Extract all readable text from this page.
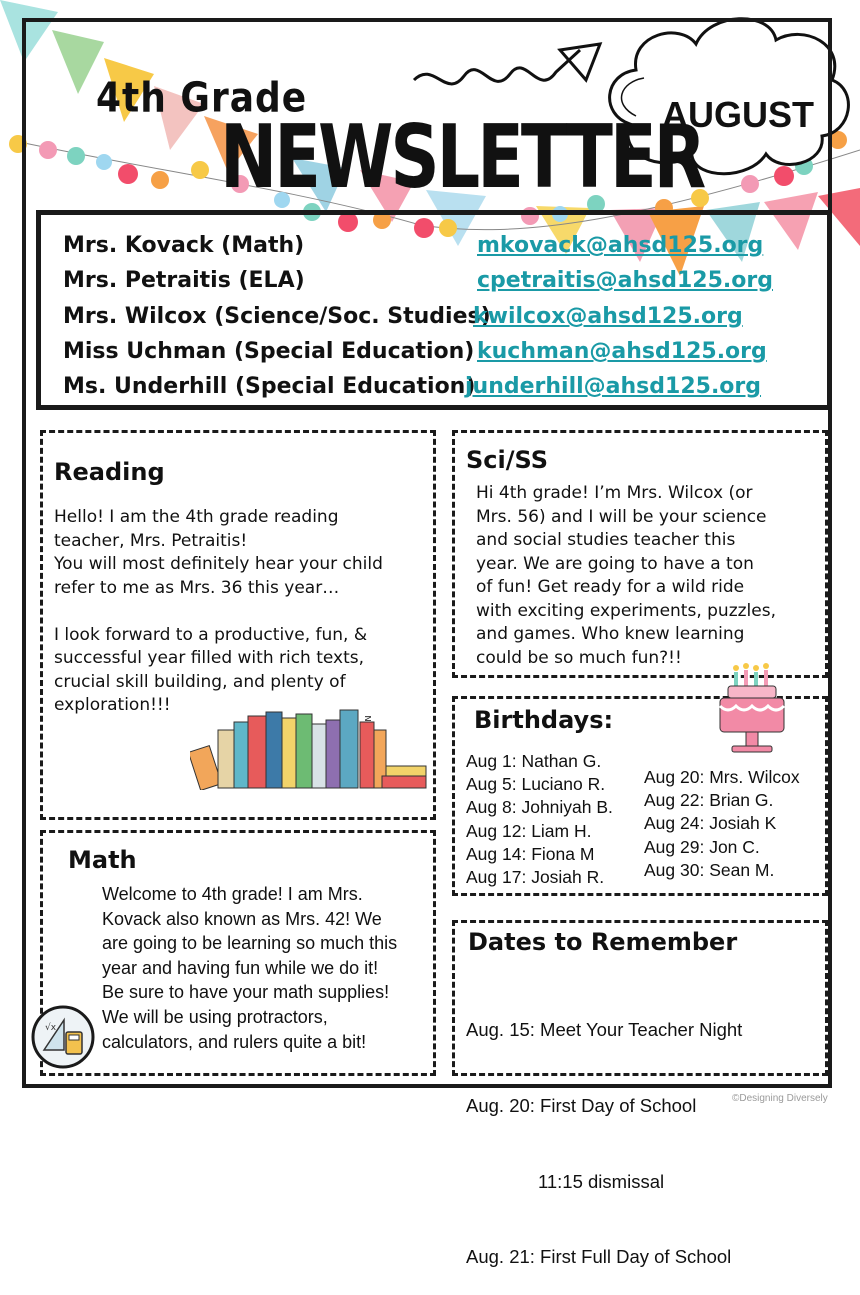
4th Grade
NEWSLETTER
AUGUST
Mrs. Kovack (Math)	mkovack@ahsd125.org
Mrs. Petraitis (ELA)	cpetraitis@ahsd125.org
Mrs. Wilcox (Science/Soc. Studies)
kwilcox@ahsd125.org
Miss Uchman (Special Education) kuchman@ahsd125.org
Ms. Underhill (Special Education)
junderhill@ahsd125.org
Reading
Hello! I am the 4th grade reading
teacher, Mrs. Petraitis!
You will most definitely hear your child
refer to me as Mrs. 36 this year…
I look forward to a productive, fun, &
successful year filled with rich texts,
crucial skill building, and plenty of
exploration!!!
Sci/SS
Hi 4th grade! I’m Mrs. Wilcox (or
Mrs. 56) and I will be your science
and social studies teacher this
year. We are going to have a ton
of fun! Get ready for a wild ride
with exciting experiments, puzzles,
and games. Who knew learning
could be so much fun?!!
Birthdays:
Aug 1: Nathan G.
Aug 5: Luciano R.
Aug 8: Johniyah B.
Aug 12: Liam H.
Aug 14: Fiona M
Aug 17: Josiah R.
Aug 20: Mrs. Wilcox
Aug 22: Brian G.
Aug 24: Josiah K
Aug 29: Jon C.
Aug 30: Sean M.
Math
Welcome to 4th grade! I am Mrs.
Kovack also known as Mrs. 42! We
are going to be learning so much this
year and having fun while we do it!
Be sure to have your math supplies!
We will be using protractors,
calculators, and rulers quite a bit!
√x
Dates to Remember

Aug. 15: Meet Your Teacher Night

Aug. 20: First Day of School

11:15 dismissal

Aug. 21: First Full Day of School

©Designing Diversely
